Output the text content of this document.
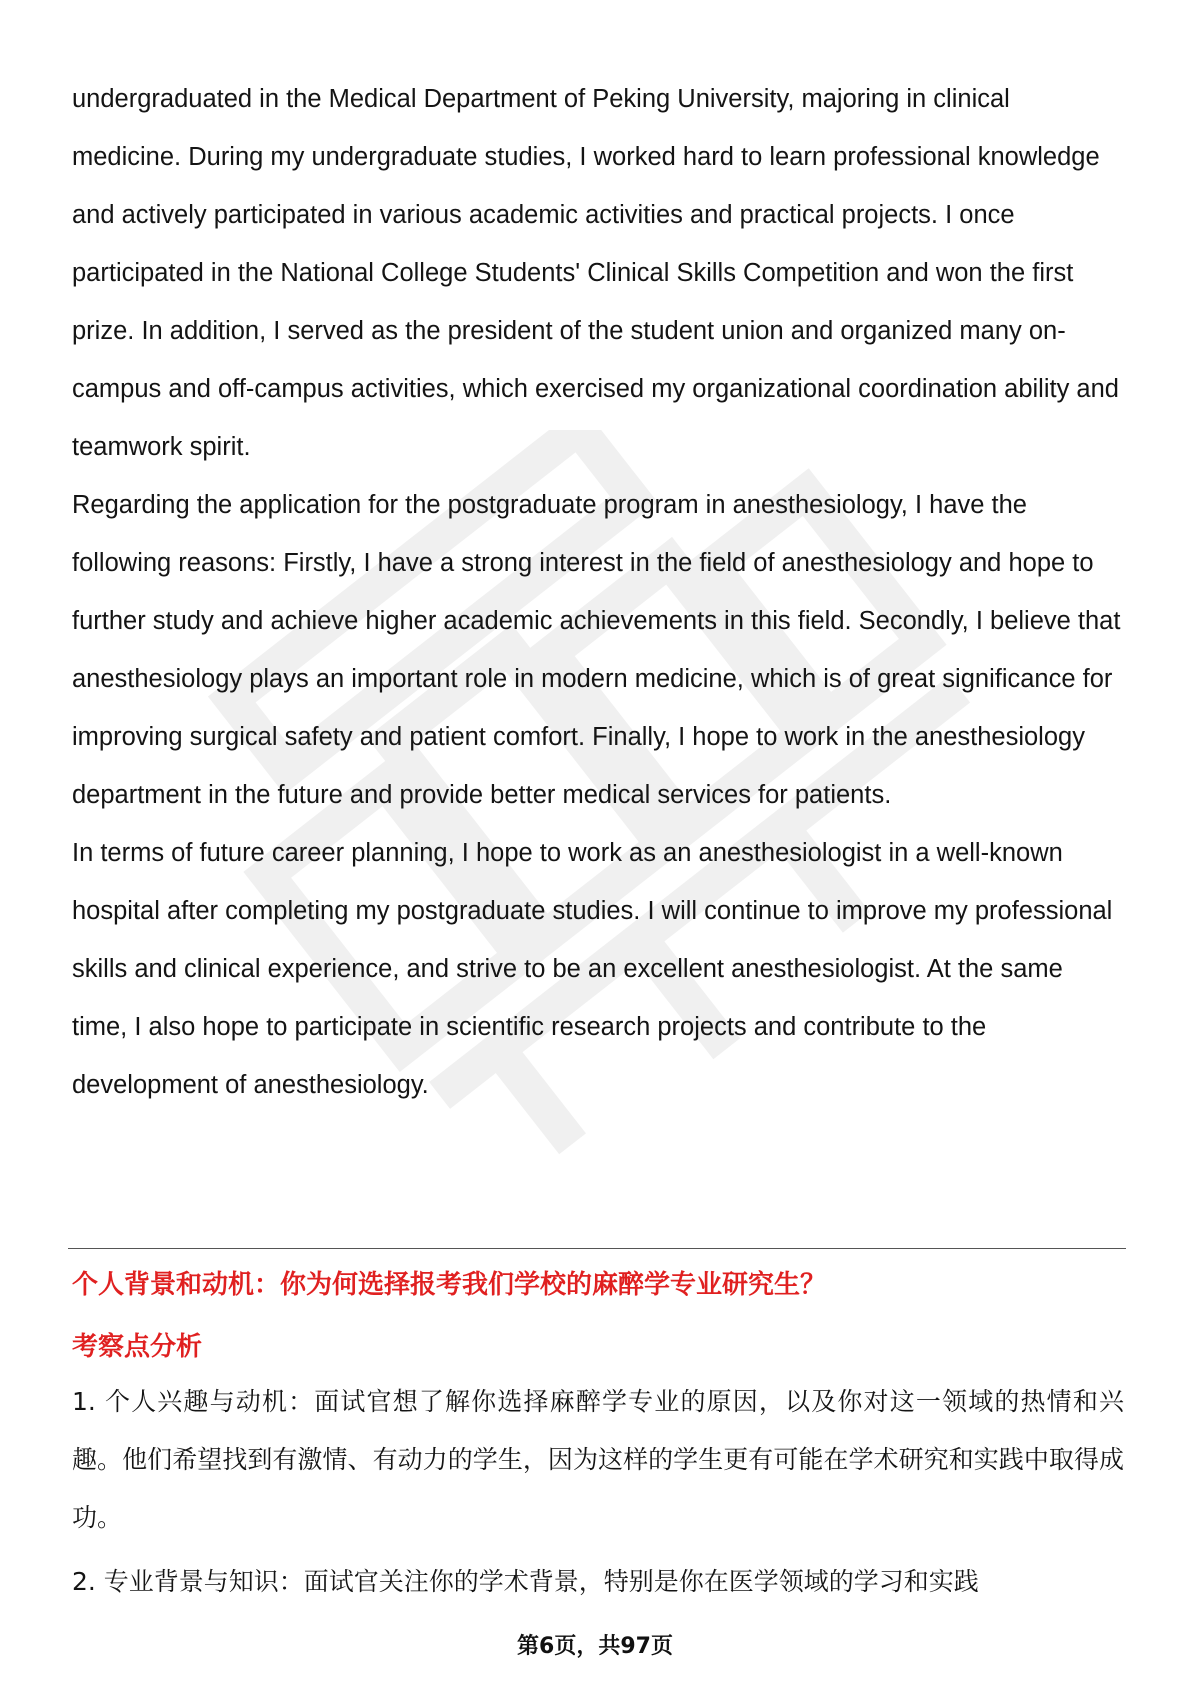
undergraduated in the Medical Department of Peking University, majoring in clinical medicine. During my undergraduate studies, I worked hard to learn professional knowledge and actively participated in various academic activities and practical projects. I once participated in the National College Students' Clinical Skills Competition and won the first prize. In addition, I served as the president of the student union and organized many on-campus and off-campus activities, which exercised my organizational coordination ability and teamwork spirit.

Regarding the application for the postgraduate program in anesthesiology, I have the following reasons: Firstly, I have a strong interest in the field of anesthesiology and hope to further study and achieve higher academic achievements in this field. Secondly, I believe that anesthesiology plays an important role in modern medicine, which is of great significance for improving surgical safety and patient comfort. Finally, I hope to work in the anesthesiology department in the future and provide better medical services for patients.

In terms of future career planning, I hope to work as an anesthesiologist in a well-known hospital after completing my postgraduate studies. I will continue to improve my professional skills and clinical experience, and strive to be an excellent anesthesiologist. At the same time, I also hope to participate in scientific research projects and contribute to the development of anesthesiology.

个人背景和动机：你为何选择报考我们学校的麻醉学专业研究生？

考察点分析

1. 个人兴趣与动机：面试官想了解你选择麻醉学专业的原因，以及你对这一领域的热情和兴趣。他们希望找到有激情、有动力的学生，因为这样的学生更有可能在学术研究和实践中取得成功。

2. 专业背景与知识：面试官关注你的学术背景，特别是你在医学领域的学习和实践

第6页，共97页
